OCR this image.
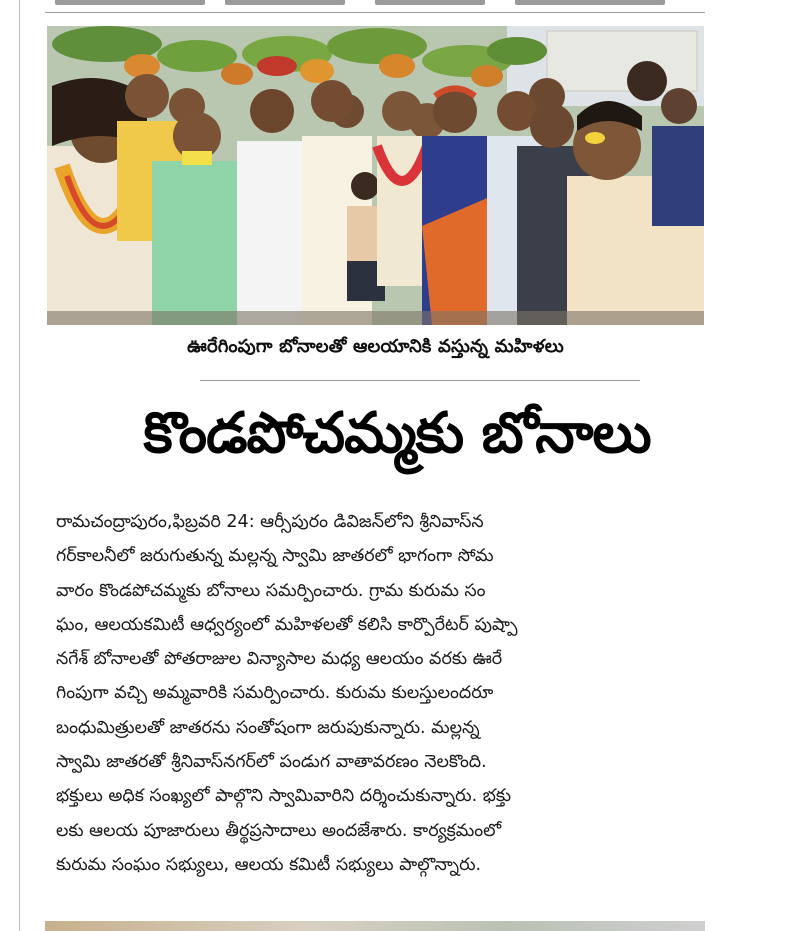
ఊరేగింపుగా బోనాలతో ఆలయానికి వస్తున్న మహిళలు
కొండపోచమ్మకు బోనాలు
రామచంద్రాపురం,ఫిబ్రవరి 24: ఆర్సీపురం డివిజన్‌లోని శ్రీనివాస్‌న
గర్‌కాలనీలో జరుగుతున్న మల్లన్న స్వామి జాతరలో భాగంగా సోమ
వారం కొండపోచమ్మకు బోనాలు సమర్పించారు. గ్రామ కురుమ సం
ఘం, ఆలయకమిటీ ఆధ్వర్యంలో మహిళలతో కలిసి కార్పొరేటర్ పుష్పా
నగేశ్ బోనాలతో పోతరాజుల విన్యాసాల మధ్య ఆలయం వరకు ఊరే
గింపుగా వచ్చి అమ్మవారికి సమర్పించారు. కురుమ కులస్తులందరూ
బంధుమిత్రులతో జాతరను సంతోషంగా జరుపుకున్నారు. మల్లన్న
స్వామి జాతరతో శ్రీనివాస్‌నగర్‌లో పండుగ వాతావరణం నెలకొంది.
భక్తులు అధిక సంఖ్యలో పాల్గొని స్వామివారిని దర్శించుకున్నారు. భక్తు
లకు ఆలయ పూజారులు తీర్థప్రసాదాలు అందజేశారు. కార్యక్రమంలో
కురుమ సంఘం సభ్యులు, ఆలయ కమిటీ సభ్యులు పాల్గొన్నారు.
